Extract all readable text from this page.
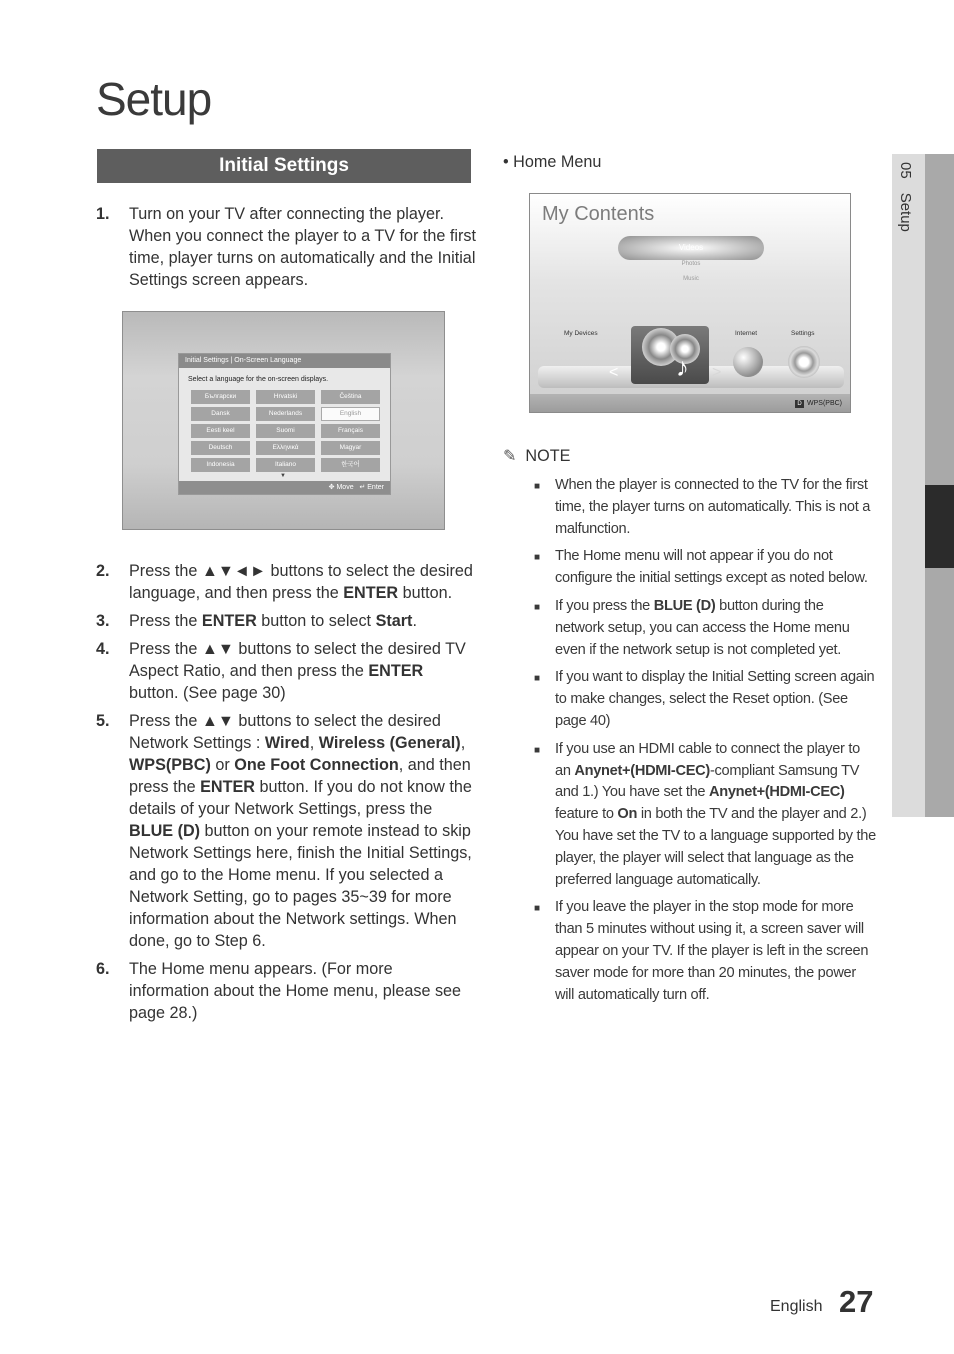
Setup
Initial Settings
1.	Turn on your TV after connecting the player. When you connect the player to a TV for the first time, player turns on automatically and the Initial Settings screen appears.
2.	Press the ▲▼◄► buttons to select the desired language, and then press the ENTER button.
3.	Press the ENTER button to select Start.
4.	Press the ▲▼ buttons to select the desired TV Aspect Ratio, and then press the ENTER button. (See page 30)
5.	Press the ▲▼ buttons to select the desired Network Settings : Wired, Wireless (General), WPS(PBC) or One Foot Connection, and then press the ENTER button. If you do not know the details of your Network Settings, press the BLUE (D) button on your remote instead to skip Network Settings here, finish the Initial Settings, and go to the Home menu. If you selected a Network Setting, go to pages 35~39 for more information about the Network settings. When done, go to Step 6.
6.	The Home menu appears. (For more information about the Home menu, please see page 28.)
Initial Settings | On-Screen Language
Select a language for the on-screen displays.
Български	Hrvatski	Čeština
Dansk	Nederlands	English
Eesti keel	Suomi	Français
Deutsch	Ελληνικά	Magyar
Indonesia	Italiano	한국어
▼
✥ Move ↵ Enter
• Home Menu
My Contents
Videos
Photos
Music
My Devices	Internet	Settings
♪
<	>
D WPS(PBC)
✎ NOTE
■	When the player is connected to the TV for the first time, the player turns on automatically. This is not a malfunction.
■	The Home menu will not appear if you do not configure the initial settings except as noted below.
■	If you press the BLUE (D) button during the network setup, you can access the Home menu even if the network setup is not completed yet.
■	If you want to display the Initial Setting screen again to make changes, select the Reset option. (See page 40)
■	If you use an HDMI cable to connect the player to an Anynet+(HDMI-CEC)-compliant Samsung TV and 1.) You have set the Anynet+(HDMI-CEC) feature to On in both the TV and the player and 2.) You have set the TV to a language supported by the player, the player will select that language as the preferred language automatically.
■	If you leave the player in the stop mode for more than 5 minutes without using it, a screen saver will appear on your TV. If the player is left in the screen saver mode for more than 20 minutes, the power will automatically turn off.
05Setup
English 27
